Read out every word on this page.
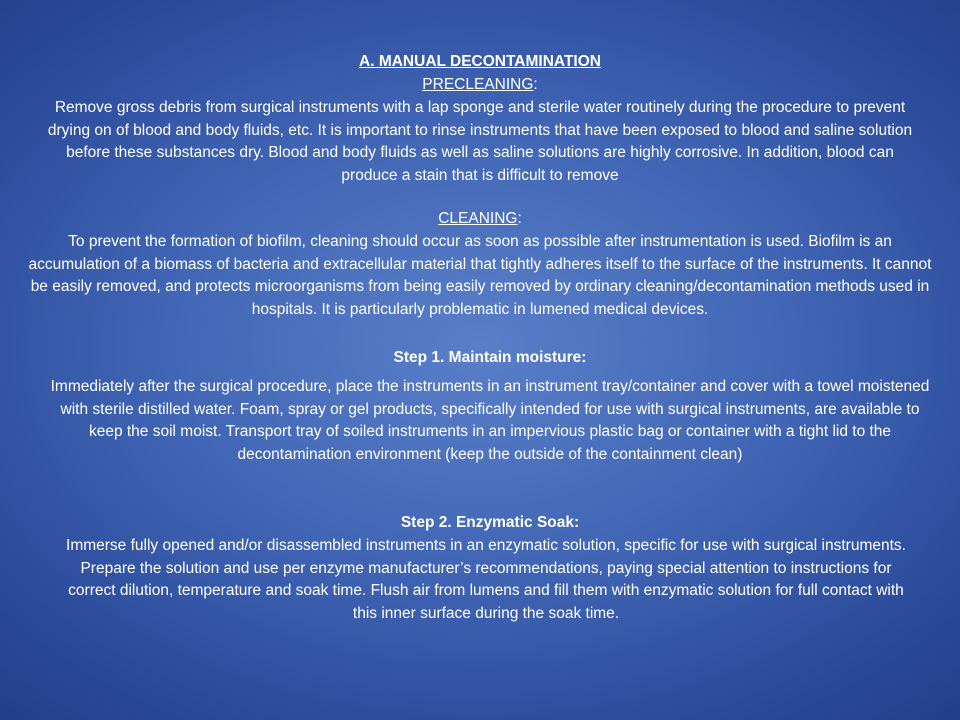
A. MANUAL DECONTAMINATION
PRECLEANING:
Remove gross debris from surgical instruments with a lap sponge and sterile water routinely during the procedure to prevent drying on of blood and body fluids, etc. It is important to rinse instruments that have been exposed to blood and saline solution before these substances dry. Blood and body fluids as well as saline solutions are highly corrosive. In addition, blood can produce a stain that is difficult to remove
CLEANING:
To prevent the formation of biofilm, cleaning should occur as soon as possible after instrumentation is used. Biofilm is an accumulation of a biomass of bacteria and extracellular material that tightly adheres itself to the surface of the instruments. It cannot be easily removed, and protects microorganisms from being easily removed by ordinary cleaning/decontamination methods used in hospitals. It is particularly problematic in lumened medical devices.
Step 1. Maintain moisture:
Immediately after the surgical procedure, place the instruments in an instrument tray/container and cover with a towel moistened with sterile distilled water. Foam, spray or gel products, specifically intended for use with surgical instruments, are available to keep the soil moist. Transport tray of soiled instruments in an impervious plastic bag or container with a tight lid to the decontamination environment (keep the outside of the containment clean)
Step 2. Enzymatic Soak:
Immerse fully opened and/or disassembled instruments in an enzymatic solution, specific for use with surgical instruments. Prepare the solution and use per enzyme manufacturer’s recommendations, paying special attention to instructions for correct dilution, temperature and soak time. Flush air from lumens and fill them with enzymatic solution for full contact with this inner surface during the soak time.
